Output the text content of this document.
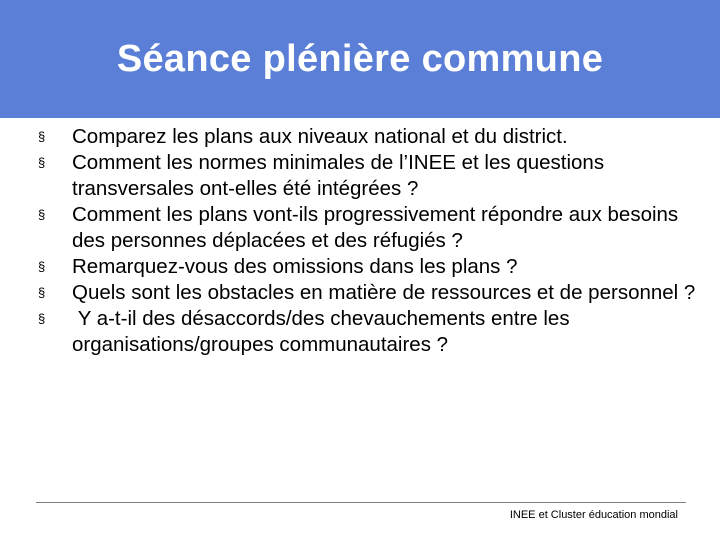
Séance plénière commune
§	Comparez les plans aux niveaux national et du district.
§	Comment les normes minimales de l’INEE et les questions transversales ont-elles été intégrées ?
§	Comment les plans vont-ils progressivement répondre aux besoins des personnes déplacées et des réfugiés ?
§	Remarquez-vous des omissions dans les plans ?
§	Quels sont les obstacles en matière de ressources et de personnel ?
§	Y a-t-il des désaccords/des chevauchements entre les organisations/groupes communautaires ?
INEE et Cluster éducation mondial
